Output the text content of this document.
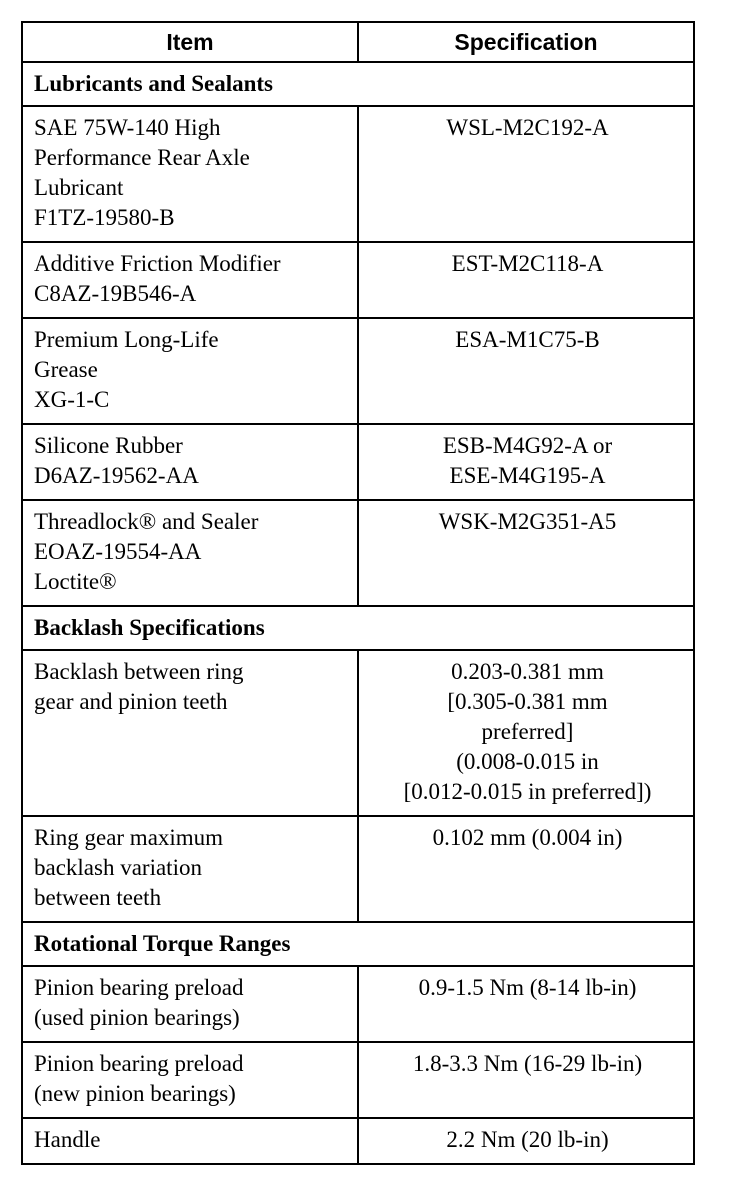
Item	Specification
Lubricants and Sealants	

SAE 75W-140 High
Performance Rear Axle
Lubricant
F1TZ-19580-B	WSL-M2C192-A

Additive Friction Modifier
C8AZ-19B546-A	EST-M2C118-A

Premium Long-Life
Grease
XG-1-C	ESA-M1C75-B

Silicone Rubber
D6AZ-19562-AA	ESB-M4G92-A or
ESE-M4G195-A

Threadlock® and Sealer
EOAZ-19554-AA
Loctite®	WSK-M2G351-A5

Backlash Specifications	

Backlash between ring
gear and pinion teeth	0.203-0.381 mm
[0.305-0.381 mm
preferred]
(0.008-0.015 in
[0.012-0.015 in preferred])

Ring gear maximum
backlash variation
between teeth	0.102 mm (0.004 in)

Rotational Torque Ranges	

Pinion bearing preload
(used pinion bearings)	0.9-1.5 Nm (8-14 lb-in)

Pinion bearing preload
(new pinion bearings)	1.8-3.3 Nm (16-29 lb-in)

Handle	2.2 Nm (20 lb-in)
